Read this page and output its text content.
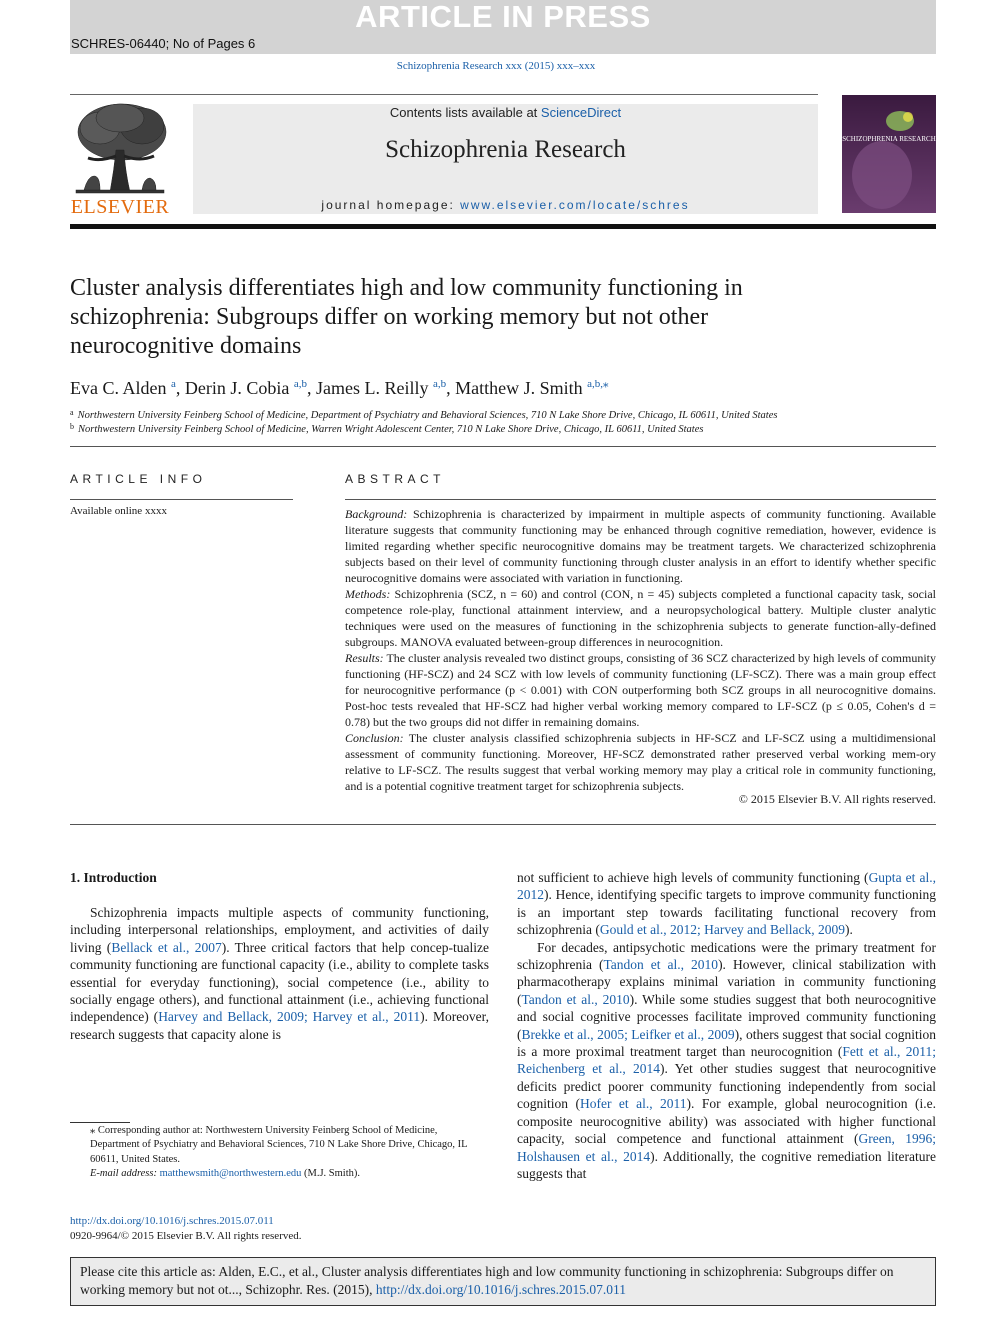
ARTICLE IN PRESS
SCHRES-06440; No of Pages 6
Schizophrenia Research xxx (2015) xxx–xxx
ELSEVIER
Contents lists available at ScienceDirect
Schizophrenia Research
journal homepage: www.elsevier.com/locate/schres
SCHIZOPHRENIA RESEARCH
Cluster analysis differentiates high and low community functioning in schizophrenia: Subgroups differ on working memory but not other neurocognitive domains
Eva C. Alden $^a$, Derin J. Cobia $^{a,b}$, James L. Reilly $^{a,b}$, Matthew J. Smith $^{a,b,⁎}$
$^a$ Northwestern University Feinberg School of Medicine, Department of Psychiatry and Behavioral Sciences, 710 N Lake Shore Drive, Chicago, IL 60611, United States
$^b$ Northwestern University Feinberg School of Medicine, Warren Wright Adolescent Center, 710 N Lake Shore Drive, Chicago, IL 60611, United States
ARTICLE INFO
Available online xxxx
ABSTRACT
Background: Schizophrenia is characterized by impairment in multiple aspects of community functioning. Available literature suggests that community functioning may be enhanced through cognitive remediation, however, evidence is limited regarding whether specific neurocognitive domains may be treatment targets. We characterized schizophrenia subjects based on their level of community functioning through cluster analysis in an effort to identify whether specific neurocognitive domains were associated with variation in functioning.
Methods: Schizophrenia (SCZ, n = 60) and control (CON, n = 45) subjects completed a functional capacity task, social competence role-play, functional attainment interview, and a neuropsychological battery. Multiple cluster analytic techniques were used on the measures of functioning in the schizophrenia subjects to generate function-ally-defined subgroups. MANOVA evaluated between-group differences in neurocognition.
Results: The cluster analysis revealed two distinct groups, consisting of 36 SCZ characterized by high levels of community functioning (HF-SCZ) and 24 SCZ with low levels of community functioning (LF-SCZ). There was a main group effect for neurocognitive performance (p < 0.001) with CON outperforming both SCZ groups in all neurocognitive domains. Post-hoc tests revealed that HF-SCZ had higher verbal working memory compared to LF-SCZ (p ≤ 0.05, Cohen's d = 0.78) but the two groups did not differ in remaining domains.
Conclusion: The cluster analysis classified schizophrenia subjects in HF-SCZ and LF-SCZ using a multidimensional assessment of community functioning. Moreover, HF-SCZ demonstrated rather preserved verbal working mem-ory relative to LF-SCZ. The results suggest that verbal working memory may play a critical role in community functioning, and is a potential cognitive treatment target for schizophrenia subjects.
© 2015 Elsevier B.V. All rights reserved.
1. Introduction
Schizophrenia impacts multiple aspects of community functioning, including interpersonal relationships, employment, and activities of daily living (Bellack et al., 2007). Three critical factors that help concep-tualize community functioning are functional capacity (i.e., ability to complete tasks essential for everyday functioning), social competence (i.e., ability to socially engage others), and functional attainment (i.e., achieving functional independence) (Harvey and Bellack, 2009; Harvey et al., 2011). Moreover, research suggests that capacity alone is
not sufficient to achieve high levels of community functioning (Gupta et al., 2012). Hence, identifying specific targets to improve community functioning is an important step towards facilitating functional recovery from schizophrenia (Gould et al., 2012; Harvey and Bellack, 2009).
For decades, antipsychotic medications were the primary treatment for schizophrenia (Tandon et al., 2010). However, clinical stabilization with pharmacotherapy explains minimal variation in community functioning (Tandon et al., 2010). While some studies suggest that both neurocognitive and social cognitive processes facilitate improved community functioning (Brekke et al., 2005; Leifker et al., 2009), others suggest that social cognition is a more proximal treatment target than neurocognition (Fett et al., 2011; Reichenberg et al., 2014). Yet other studies suggest that neurocognitive deficits predict poorer community functioning independently from social cognition (Hofer et al., 2011). For example, global neurocognition (i.e. composite neurocognitive ability) was associated with higher functional capacity, social competence and functional attainment (Green, 1996; Holshausen et al., 2014). Additionally, the cognitive remediation literature suggests that
⁎ Corresponding author at: Northwestern University Feinberg School of Medicine, Department of Psychiatry and Behavioral Sciences, 710 N Lake Shore Drive, Chicago, IL 60611, United States.
E-mail address: matthewsmith@northwestern.edu (M.J. Smith).
http://dx.doi.org/10.1016/j.schres.2015.07.011
0920-9964/© 2015 Elsevier B.V. All rights reserved.
Please cite this article as: Alden, E.C., et al., Cluster analysis differentiates high and low community functioning in schizophrenia: Subgroups differ on working memory but not ot..., Schizophr. Res. (2015), http://dx.doi.org/10.1016/j.schres.2015.07.011
